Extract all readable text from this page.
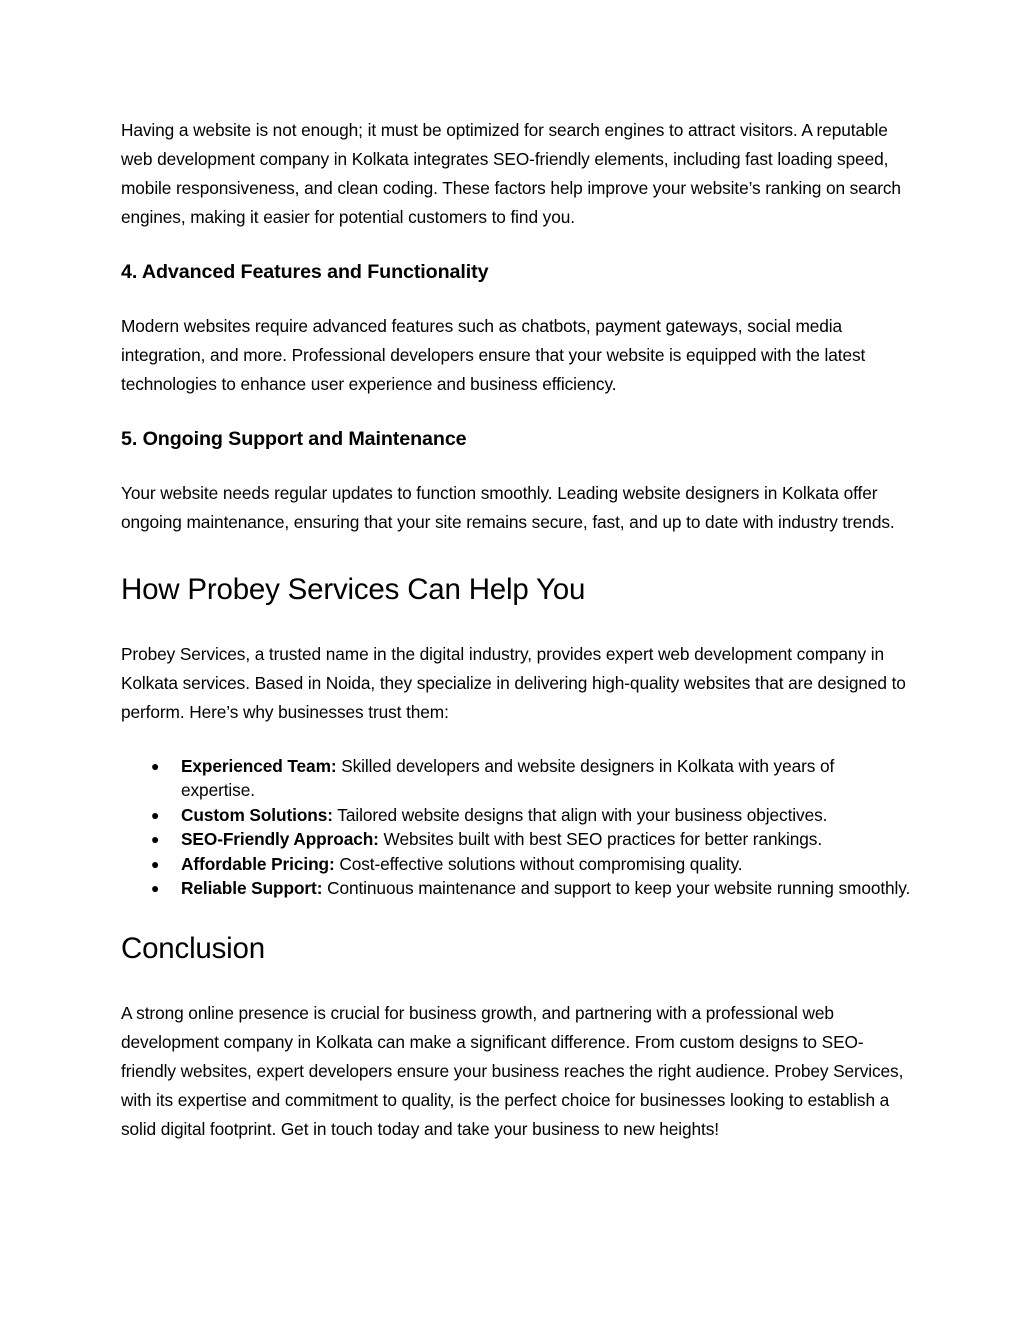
Having a website is not enough; it must be optimized for search engines to attract visitors. A reputable web development company in Kolkata integrates SEO-friendly elements, including fast loading speed, mobile responsiveness, and clean coding. These factors help improve your website’s ranking on search engines, making it easier for potential customers to find you.

4. Advanced Features and Functionality

Modern websites require advanced features such as chatbots, payment gateways, social media integration, and more. Professional developers ensure that your website is equipped with the latest technologies to enhance user experience and business efficiency.

5. Ongoing Support and Maintenance

Your website needs regular updates to function smoothly. Leading website designers in Kolkata offer ongoing maintenance, ensuring that your site remains secure, fast, and up to date with industry trends.

How Probey Services Can Help You

Probey Services, a trusted name in the digital industry, provides expert web development company in Kolkata services. Based in Noida, they specialize in delivering high-quality websites that are designed to perform. Here’s why businesses trust them:

● Experienced Team: Skilled developers and website designers in Kolkata with years of expertise.
● Custom Solutions: Tailored website designs that align with your business objectives.
● SEO-Friendly Approach: Websites built with best SEO practices for better rankings.
● Affordable Pricing: Cost-effective solutions without compromising quality.
● Reliable Support: Continuous maintenance and support to keep your website running smoothly.
Conclusion

A strong online presence is crucial for business growth, and partnering with a professional web development company in Kolkata can make a significant difference. From custom designs to SEO-friendly websites, expert developers ensure your business reaches the right audience. Probey Services, with its expertise and commitment to quality, is the perfect choice for businesses looking to establish a solid digital footprint. Get in touch today and take your business to new heights!
